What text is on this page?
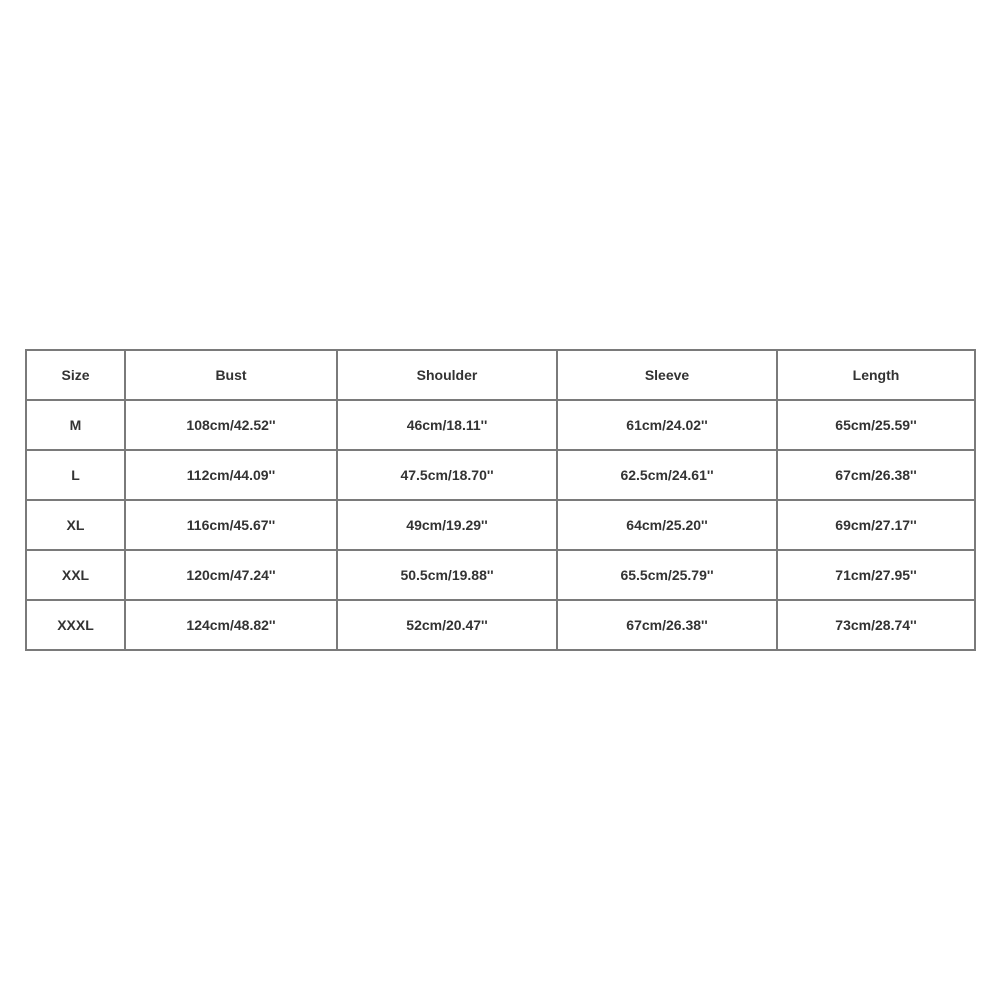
Size	Bust	Shoulder	Sleeve	Length
M	108cm/42.52''	46cm/18.11''	61cm/24.02''	65cm/25.59''
L	112cm/44.09''	47.5cm/18.70''	62.5cm/24.61''	67cm/26.38''
XL	116cm/45.67''	49cm/19.29''	64cm/25.20''	69cm/27.17''
XXL	120cm/47.24''	50.5cm/19.88''	65.5cm/25.79''	71cm/27.95''
XXXL	124cm/48.82''	52cm/20.47''	67cm/26.38''	73cm/28.74''
